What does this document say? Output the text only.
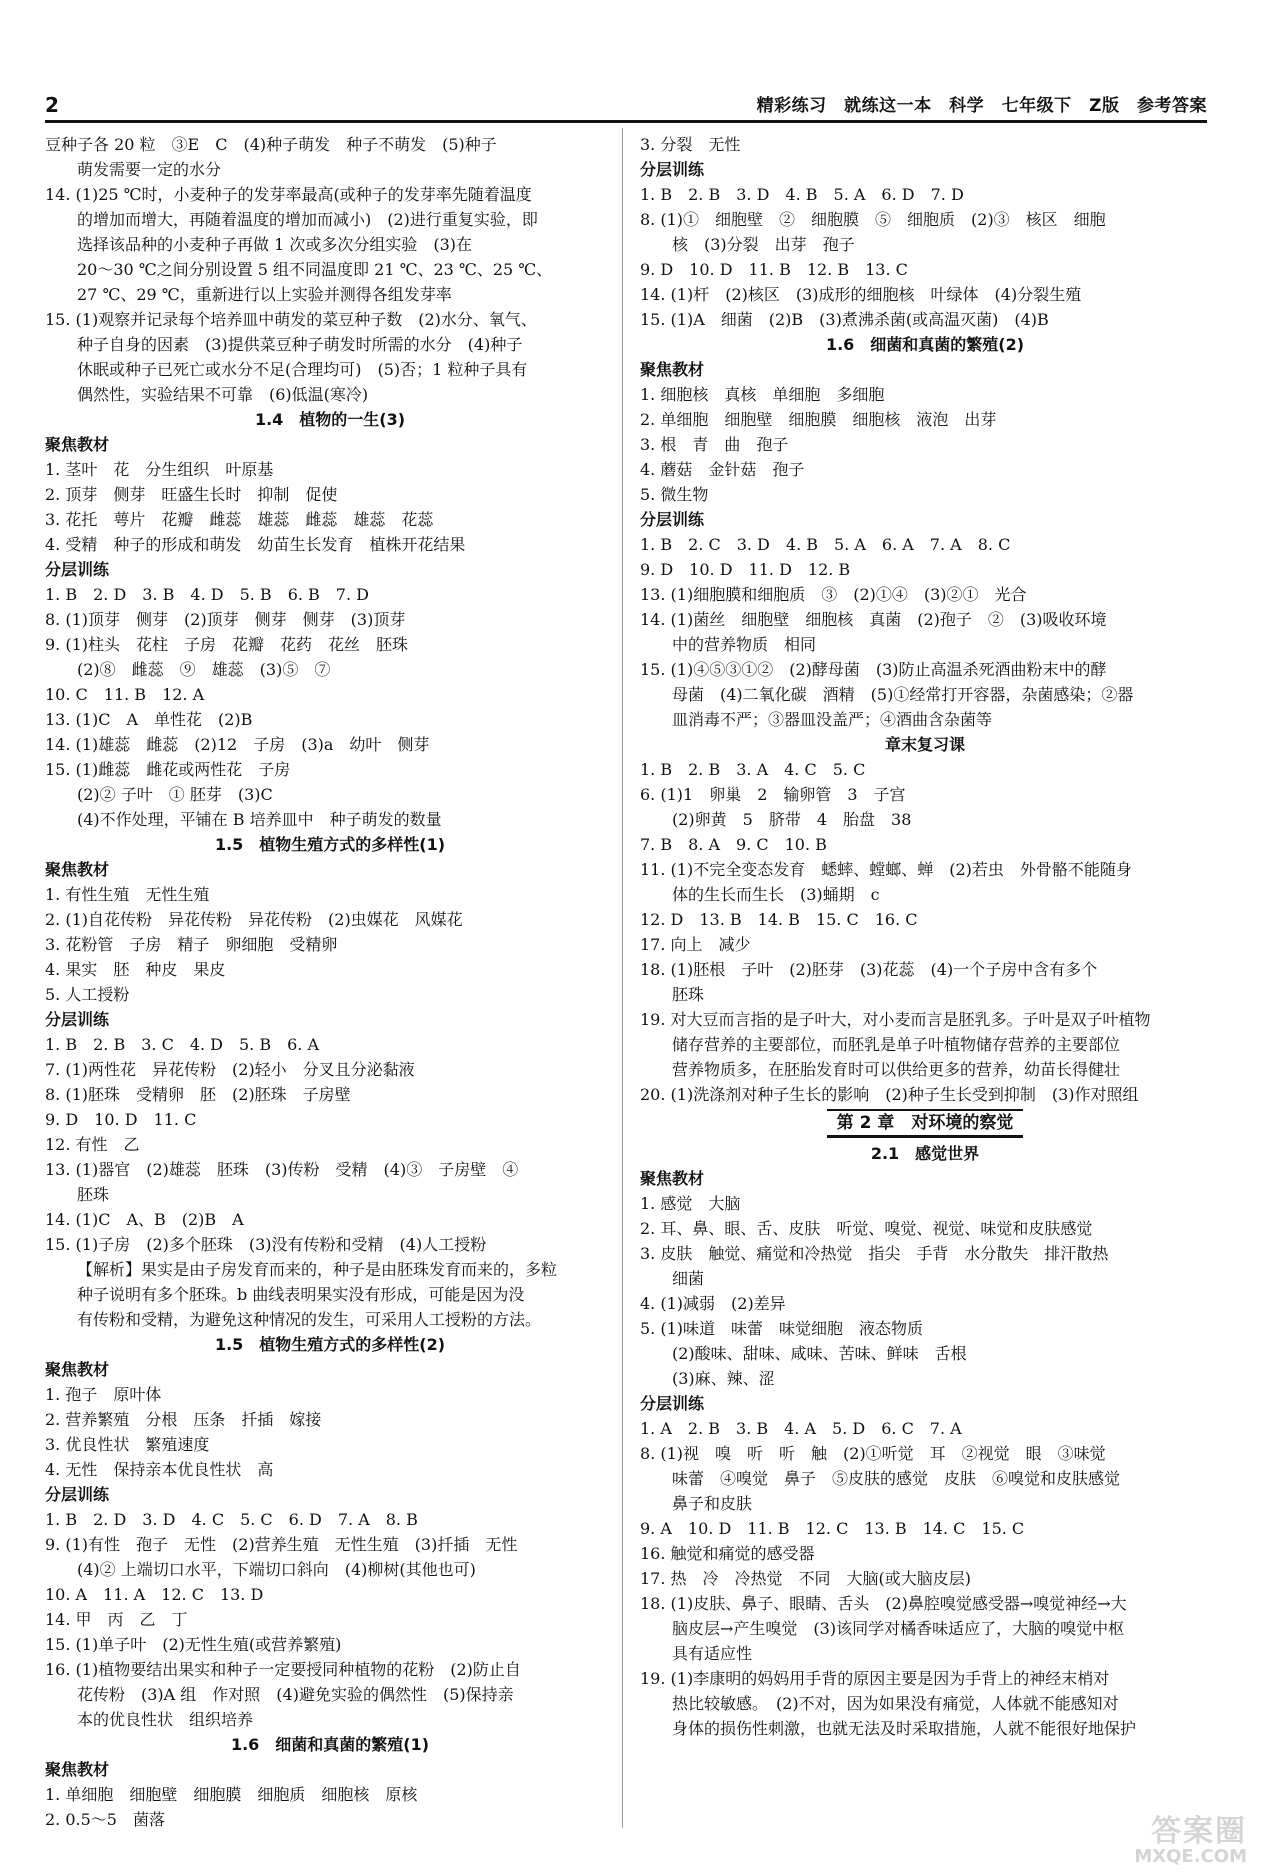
2	精彩练习　就练这一本　科学　七年级下　Z版　参考答案
豆种子各 20 粒　③E　C　(4)种子萌发　种子不萌发　(5)种子
萌发需要一定的水分
14. (1)25 ℃时，小麦种子的发芽率最高(或种子的发芽率先随着温度
的增加而增大，再随着温度的增加而减小)　(2)进行重复实验，即
选择该品种的小麦种子再做 1 次或多次分组实验　(3)在
20～30 ℃之间分别设置 5 组不同温度即 21 ℃、23 ℃、25 ℃、
27 ℃、29 ℃，重新进行以上实验并测得各组发芽率
15. (1)观察并记录每个培养皿中萌发的菜豆种子数　(2)水分、氧气、
种子自身的因素　(3)提供菜豆种子萌发时所需的水分　(4)种子
休眠或种子已死亡或水分不足(合理均可)　(5)否；1 粒种子具有
偶然性，实验结果不可靠　(6)低温(寒冷)
1.4　植物的一生(3)
聚焦教材
1. 茎叶　花　分生组织　叶原基
2. 顶芽　侧芽　旺盛生长时　抑制　促使
3. 花托　萼片　花瓣　雌蕊　雄蕊　雌蕊　雄蕊　花蕊
4. 受精　种子的形成和萌发　幼苗生长发育　植株开花结果
分层训练
1. B　2. D　3. B　4. D　5. B　6. B　7. D
8. (1)顶芽　侧芽　(2)顶芽　侧芽　侧芽　(3)顶芽
9. (1)柱头　花柱　子房　花瓣　花药　花丝　胚珠
(2)⑧　雌蕊　⑨　雄蕊　(3)⑤　⑦
10. C　11. B　12. A
13. (1)C　A　单性花　(2)B
14. (1)雄蕊　雌蕊　(2)12　子房　(3)a　幼叶　侧芽
15. (1)雌蕊　雌花或两性花　子房
(2)② 子叶　① 胚芽　(3)C
(4)不作处理，平铺在 B 培养皿中　种子萌发的数量
1.5　植物生殖方式的多样性(1)
聚焦教材
1. 有性生殖　无性生殖
2. (1)自花传粉　异花传粉　异花传粉　(2)虫媒花　风媒花
3. 花粉管　子房　精子　卵细胞　受精卵
4. 果实　胚　种皮　果皮
5. 人工授粉
分层训练
1. B　2. B　3. C　4. D　5. B　6. A
7. (1)两性花　异花传粉　(2)轻小　分叉且分泌黏液
8. (1)胚珠　受精卵　胚　(2)胚珠　子房壁
9. D　10. D　11. C
12. 有性　乙
13. (1)器官　(2)雄蕊　胚珠　(3)传粉　受精　(4)③　子房壁　④
胚珠
14. (1)C　A、B　(2)B　A
15. (1)子房　(2)多个胚珠　(3)没有传粉和受精　(4)人工授粉
【解析】果实是由子房发育而来的，种子是由胚珠发育而来的，多粒
种子说明有多个胚珠。b 曲线表明果实没有形成，可能是因为没
有传粉和受精，为避免这种情况的发生，可采用人工授粉的方法。
1.5　植物生殖方式的多样性(2)
聚焦教材
1. 孢子　原叶体
2. 营养繁殖　分根　压条　扦插　嫁接
3. 优良性状　繁殖速度
4. 无性　保持亲本优良性状　高
分层训练
1. B　2. D　3. D　4. C　5. C　6. D　7. A　8. B
9. (1)有性　孢子　无性　(2)营养生殖　无性生殖　(3)扦插　无性
(4)② 上端切口水平，下端切口斜向　(4)柳树(其他也可)
10. A　11. A　12. C　13. D
14. 甲　丙　乙　丁
15. (1)单子叶　(2)无性生殖(或营养繁殖)
16. (1)植物要结出果实和种子一定要授同种植物的花粉　(2)防止自
花传粉　(3)A 组　作对照　(4)避免实验的偶然性　(5)保持亲
本的优良性状　组织培养
1.6　细菌和真菌的繁殖(1)
聚焦教材
1. 单细胞　细胞壁　细胞膜　细胞质　细胞核　原核
2. 0.5～5　菌落
3. 分裂　无性
分层训练
1. B　2. B　3. D　4. B　5. A　6. D　7. D
8. (1)①　细胞壁　②　细胞膜　⑤　细胞质　(2)③　核区　细胞
核　(3)分裂　出芽　孢子
9. D　10. D　11. B　12. B　13. C
14. (1)杆　(2)核区　(3)成形的细胞核　叶绿体　(4)分裂生殖
15. (1)A　细菌　(2)B　(3)煮沸杀菌(或高温灭菌)　(4)B
1.6　细菌和真菌的繁殖(2)
聚焦教材
1. 细胞核　真核　单细胞　多细胞
2. 单细胞　细胞壁　细胞膜　细胞核　液泡　出芽
3. 根　青　曲　孢子
4. 蘑菇　金针菇　孢子
5. 微生物
分层训练
1. B　2. C　3. D　4. B　5. A　6. A　7. A　8. C
9. D　10. D　11. D　12. B
13. (1)细胞膜和细胞质　③　(2)①④　(3)②①　光合
14. (1)菌丝　细胞壁　细胞核　真菌　(2)孢子　②　(3)吸收环境
中的营养物质　相同
15. (1)④⑤③①②　(2)酵母菌　(3)防止高温杀死酒曲粉末中的酵
母菌　(4)二氧化碳　酒精　(5)①经常打开容器，杂菌感染；②器
皿消毒不严；③器皿没盖严；④酒曲含杂菌等
章末复习课
1. B　2. B　3. A　4. C　5. C
6. (1)1　卵巢　2　输卵管　3　子宫
(2)卵黄　5　脐带　4　胎盘　38
7. B　8. A　9. C　10. B
11. (1)不完全变态发育　蟋蟀、螳螂、蝉　(2)若虫　外骨骼不能随身
体的生长而生长　(3)蛹期　c
12. D　13. B　14. B　15. C　16. C
17. 向上　减少
18. (1)胚根　子叶　(2)胚芽　(3)花蕊　(4)一个子房中含有多个
胚珠
19. 对大豆而言指的是子叶大，对小麦而言是胚乳多。子叶是双子叶植物
储存营养的主要部位，而胚乳是单子叶植物储存营养的主要部位
营养物质多，在胚胎发育时可以供给更多的营养，幼苗长得健壮
20. (1)洗涤剂对种子生长的影响　(2)种子生长受到抑制　(3)作对照组
第 2 章　对环境的察觉
2.1　感觉世界
聚焦教材
1. 感觉　大脑
2. 耳、鼻、眼、舌、皮肤　听觉、嗅觉、视觉、味觉和皮肤感觉
3. 皮肤　触觉、痛觉和冷热觉　指尖　手背　水分散失　排汗散热
细菌
4. (1)减弱　(2)差异
5. (1)味道　味蕾　味觉细胞　液态物质
(2)酸味、甜味、咸味、苦味、鲜味　舌根
(3)麻、辣、涩
分层训练
1. A　2. B　3. B　4. A　5. D　6. C　7. A
8. (1)视　嗅　听　听　触　(2)①听觉　耳　②视觉　眼　③味觉
味蕾　④嗅觉　鼻子　⑤皮肤的感觉　皮肤　⑥嗅觉和皮肤感觉
鼻子和皮肤
9. A　10. D　11. B　12. C　13. B　14. C　15. C
16. 触觉和痛觉的感受器
17. 热　冷　冷热觉　不同　大脑(或大脑皮层)
18. (1)皮肤、鼻子、眼睛、舌头　(2)鼻腔嗅觉感受器→嗅觉神经→大
脑皮层→产生嗅觉　(3)该同学对橘香味适应了，大脑的嗅觉中枢
具有适应性
19. (1)李康明的妈妈用手背的原因主要是因为手背上的神经末梢对
热比较敏感。　(2)不对，因为如果没有痛觉，人体就不能感知对
身体的损伤性刺激，也就无法及时采取措施，人就不能很好地保护
答案圈
MXQE.COM
